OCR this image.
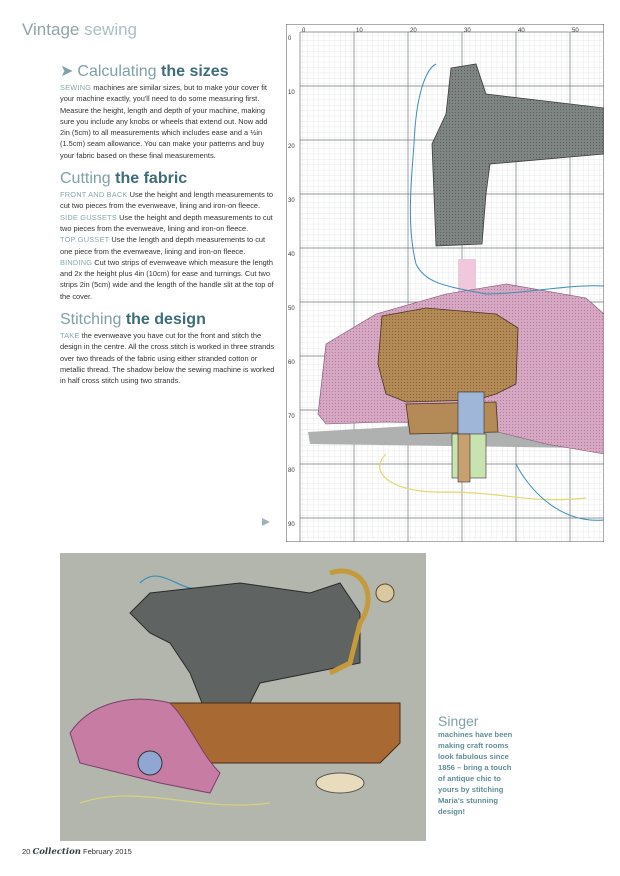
Vintage sewing
➤ Calculating the sizes

SEWING machines are similar sizes, but to make your cover fit your machine exactly, you'll need to do some measuring first. Measure the height, length and depth of your machine, making sure you include any knobs or wheels that extend out. Now add 2in (5cm) to all measurements which includes ease and a ½in (1.5cm) seam allowance. You can make your patterns and buy your fabric based on these final measurements.

Cutting the fabric

FRONT AND BACK Use the height and length measurements to cut two pieces from the evenweave, lining and iron-on fleece.

SIDE GUSSETS Use the height and depth measurements to cut two pieces from the evenweave, lining and iron-on fleece.

TOP GUSSET Use the length and depth measurements to cut one piece from the evenweave, lining and iron-on fleece.

BINDING Cut two strips of evenweave which measure the length and 2x the height plus 4in (10cm) for ease and turnings. Cut two strips 2in (5cm) wide and the length of the handle slit at the top of the cover.

Stitching the design

TAKE the evenweave you have cut for the front and stitch the design in the centre. All the cross stitch is worked in three strands over two threads of the fabric using either stranded cotton or metallic thread. The shadow below the sewing machine is worked in half cross stitch using two strands.

0	10	20	30	40	50
0
10
20
30
40
50
60
70
80
90
Singer
machines have been making craft rooms look fabulous since 1856 – bring a touch of antique chic to yours by stitching Maria's stunning design!
20 Collection February 2015
